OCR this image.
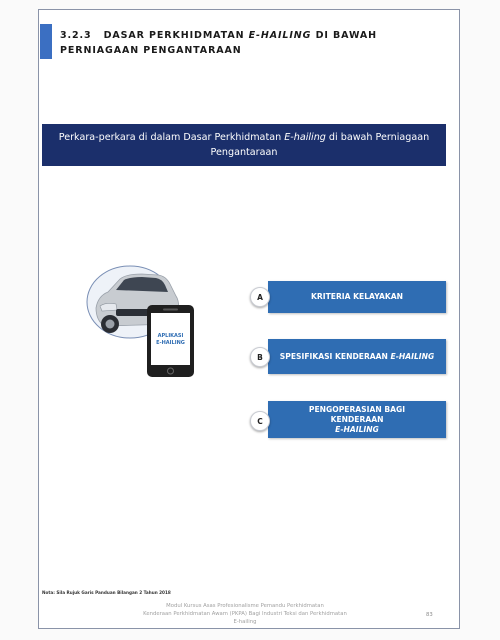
3.2.3 DASAR PERKHIDMATAN E-HAILING DI BAWAH PERNIAGAAN PENGANTARAAN
Perkara-perkara di dalam Dasar Perkhidmatan E-hailing di bawah Perniagaan Pengantaraan
APLIKASI
E-HAILING
KRITERIA KELAYAKAN
A
SPESIFIKASI KENDERAAN E-HAILING
B
PENGOPERASIAN BAGI
KENDERAAN
E-HAILING
C
Nota: Sila Rujuk Garis Panduan Bilangan 2 Tahun 2018
Modul Kursus Asas Profesionalisme Pemandu Perkhidmatan
Kenderaan Perkhidmatan Awam (PKPA) Bagi Industri Teksi dan Perkhidmatan
E-hailing
83
